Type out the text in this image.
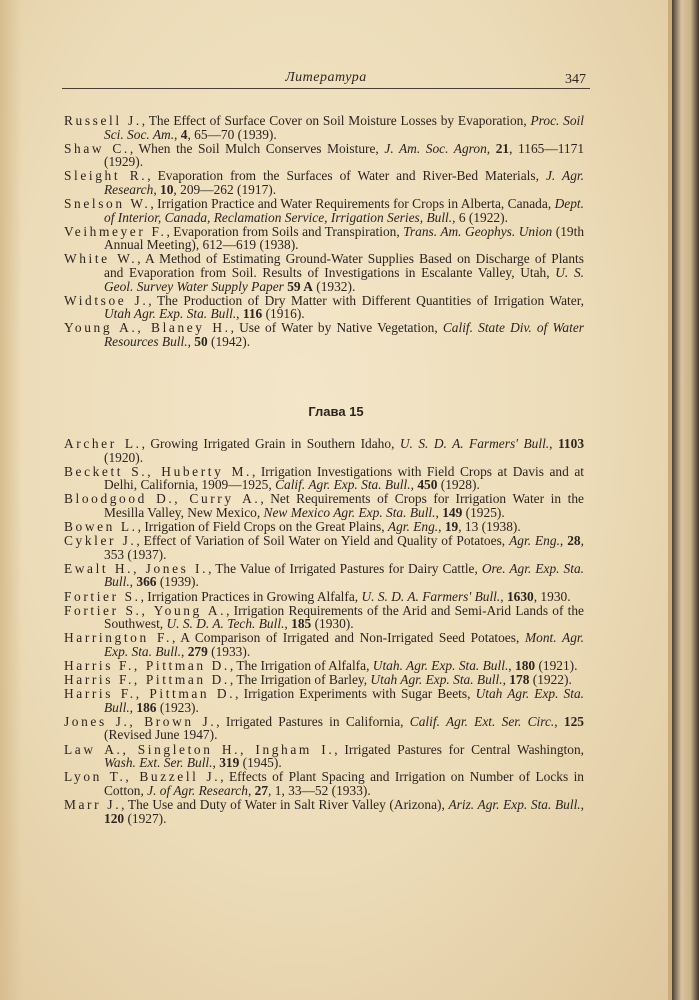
Литература	347

Russell J., The Effect of Surface Cover on Soil Moisture Losses by Evaporation, Proc. Soil Sci. Soc. Am., 4, 65—70 (1939).

Shaw C., When the Soil Mulch Conserves Moisture, J. Am. Soc. Agron, 21, 1165—1171 (1929).

Sleight R., Evaporation from the Surfaces of Water and River-Bed Materials, J. Agr. Research, 10, 209—262 (1917).

Snelson W., Irrigation Practice and Water Requirements for Crops in Alberta, Canada, Dept. of Interior, Canada, Reclamation Service, Irrigation Series, Bull., 6 (1922).

Veihmeyer F., Evaporation from Soils and Transpiration, Trans. Am. Geophys. Union (19th Annual Meeting), 612—619 (1938).

White W., A Method of Estimating Ground-Water Supplies Based on Discharge of Plants and Evaporation from Soil. Results of Investigations in Escalante Valley, Utah, U. S. Geol. Survey Water Supply Paper 59 A (1932).

Widtsoe J., The Production of Dry Matter with Different Quantities of Irrigation Water, Utah Agr. Exp. Sta. Bull., 116 (1916).

Young A., Blaney H., Use of Water by Native Vegetation, Calif. State Div. of Water Resources Bull., 50 (1942).

Глава 15

Archer L., Growing Irrigated Grain in Southern Idaho, U. S. D. A. Farmers' Bull., 1103 (1920).

Beckett S., Huberty M., Irrigation Investigations with Field Crops at Davis and at Delhi, California, 1909—1925, Calif. Agr. Exp. Sta. Bull., 450 (1928).

Bloodgood D., Curry A., Net Requirements of Crops for Irrigation Water in the Mesilla Valley, New Mexico, New Mexico Agr. Exp. Sta. Bull., 149 (1925).

Bowen L., Irrigation of Field Crops on the Great Plains, Agr. Eng., 19, 13 (1938).

Cykler J., Effect of Variation of Soil Water on Yield and Quality of Potatoes, Agr. Eng., 28, 353 (1937).

Ewalt H., Jones I., The Value of Irrigated Pastures for Dairy Cattle, Ore. Agr. Exp. Sta. Bull., 366 (1939).

Fortier S., Irrigation Practices in Growing Alfalfa, U. S. D. A. Farmers' Bull., 1630, 1930.

Fortier S., Young A., Irrigation Requirements of the Arid and Semi-Arid Lands of the Southwest, U. S. D. A. Tech. Bull., 185 (1930).

Harrington F., A Comparison of Irrigated and Non-Irrigated Seed Potatoes, Mont. Agr. Exp. Sta. Bull., 279 (1933).

Harris F., Pittman D., The Irrigation of Alfalfa, Utah. Agr. Exp. Sta. Bull., 180 (1921).

Harris F., Pittman D., The Irrigation of Barley, Utah Agr. Exp. Sta. Bull., 178 (1922).

Harris F., Pittman D., Irrigation Experiments with Sugar Beets, Utah Agr. Exp. Sta. Bull., 186 (1923).

Jones J., Brown J., Irrigated Pastures in California, Calif. Agr. Ext. Ser. Circ., 125 (Revised June 1947).

Law A., Singleton H., Ingham I., Irrigated Pastures for Central Washington, Wash. Ext. Ser. Bull., 319 (1945).

Lyon T., Buzzell J., Effects of Plant Spacing and Irrigation on Number of Locks in Cotton, J. of Agr. Research, 27, 1, 33—52 (1933).

Marr J., The Use and Duty of Water in Salt River Valley (Arizona), Ariz. Agr. Exp. Sta. Bull., 120 (1927).
